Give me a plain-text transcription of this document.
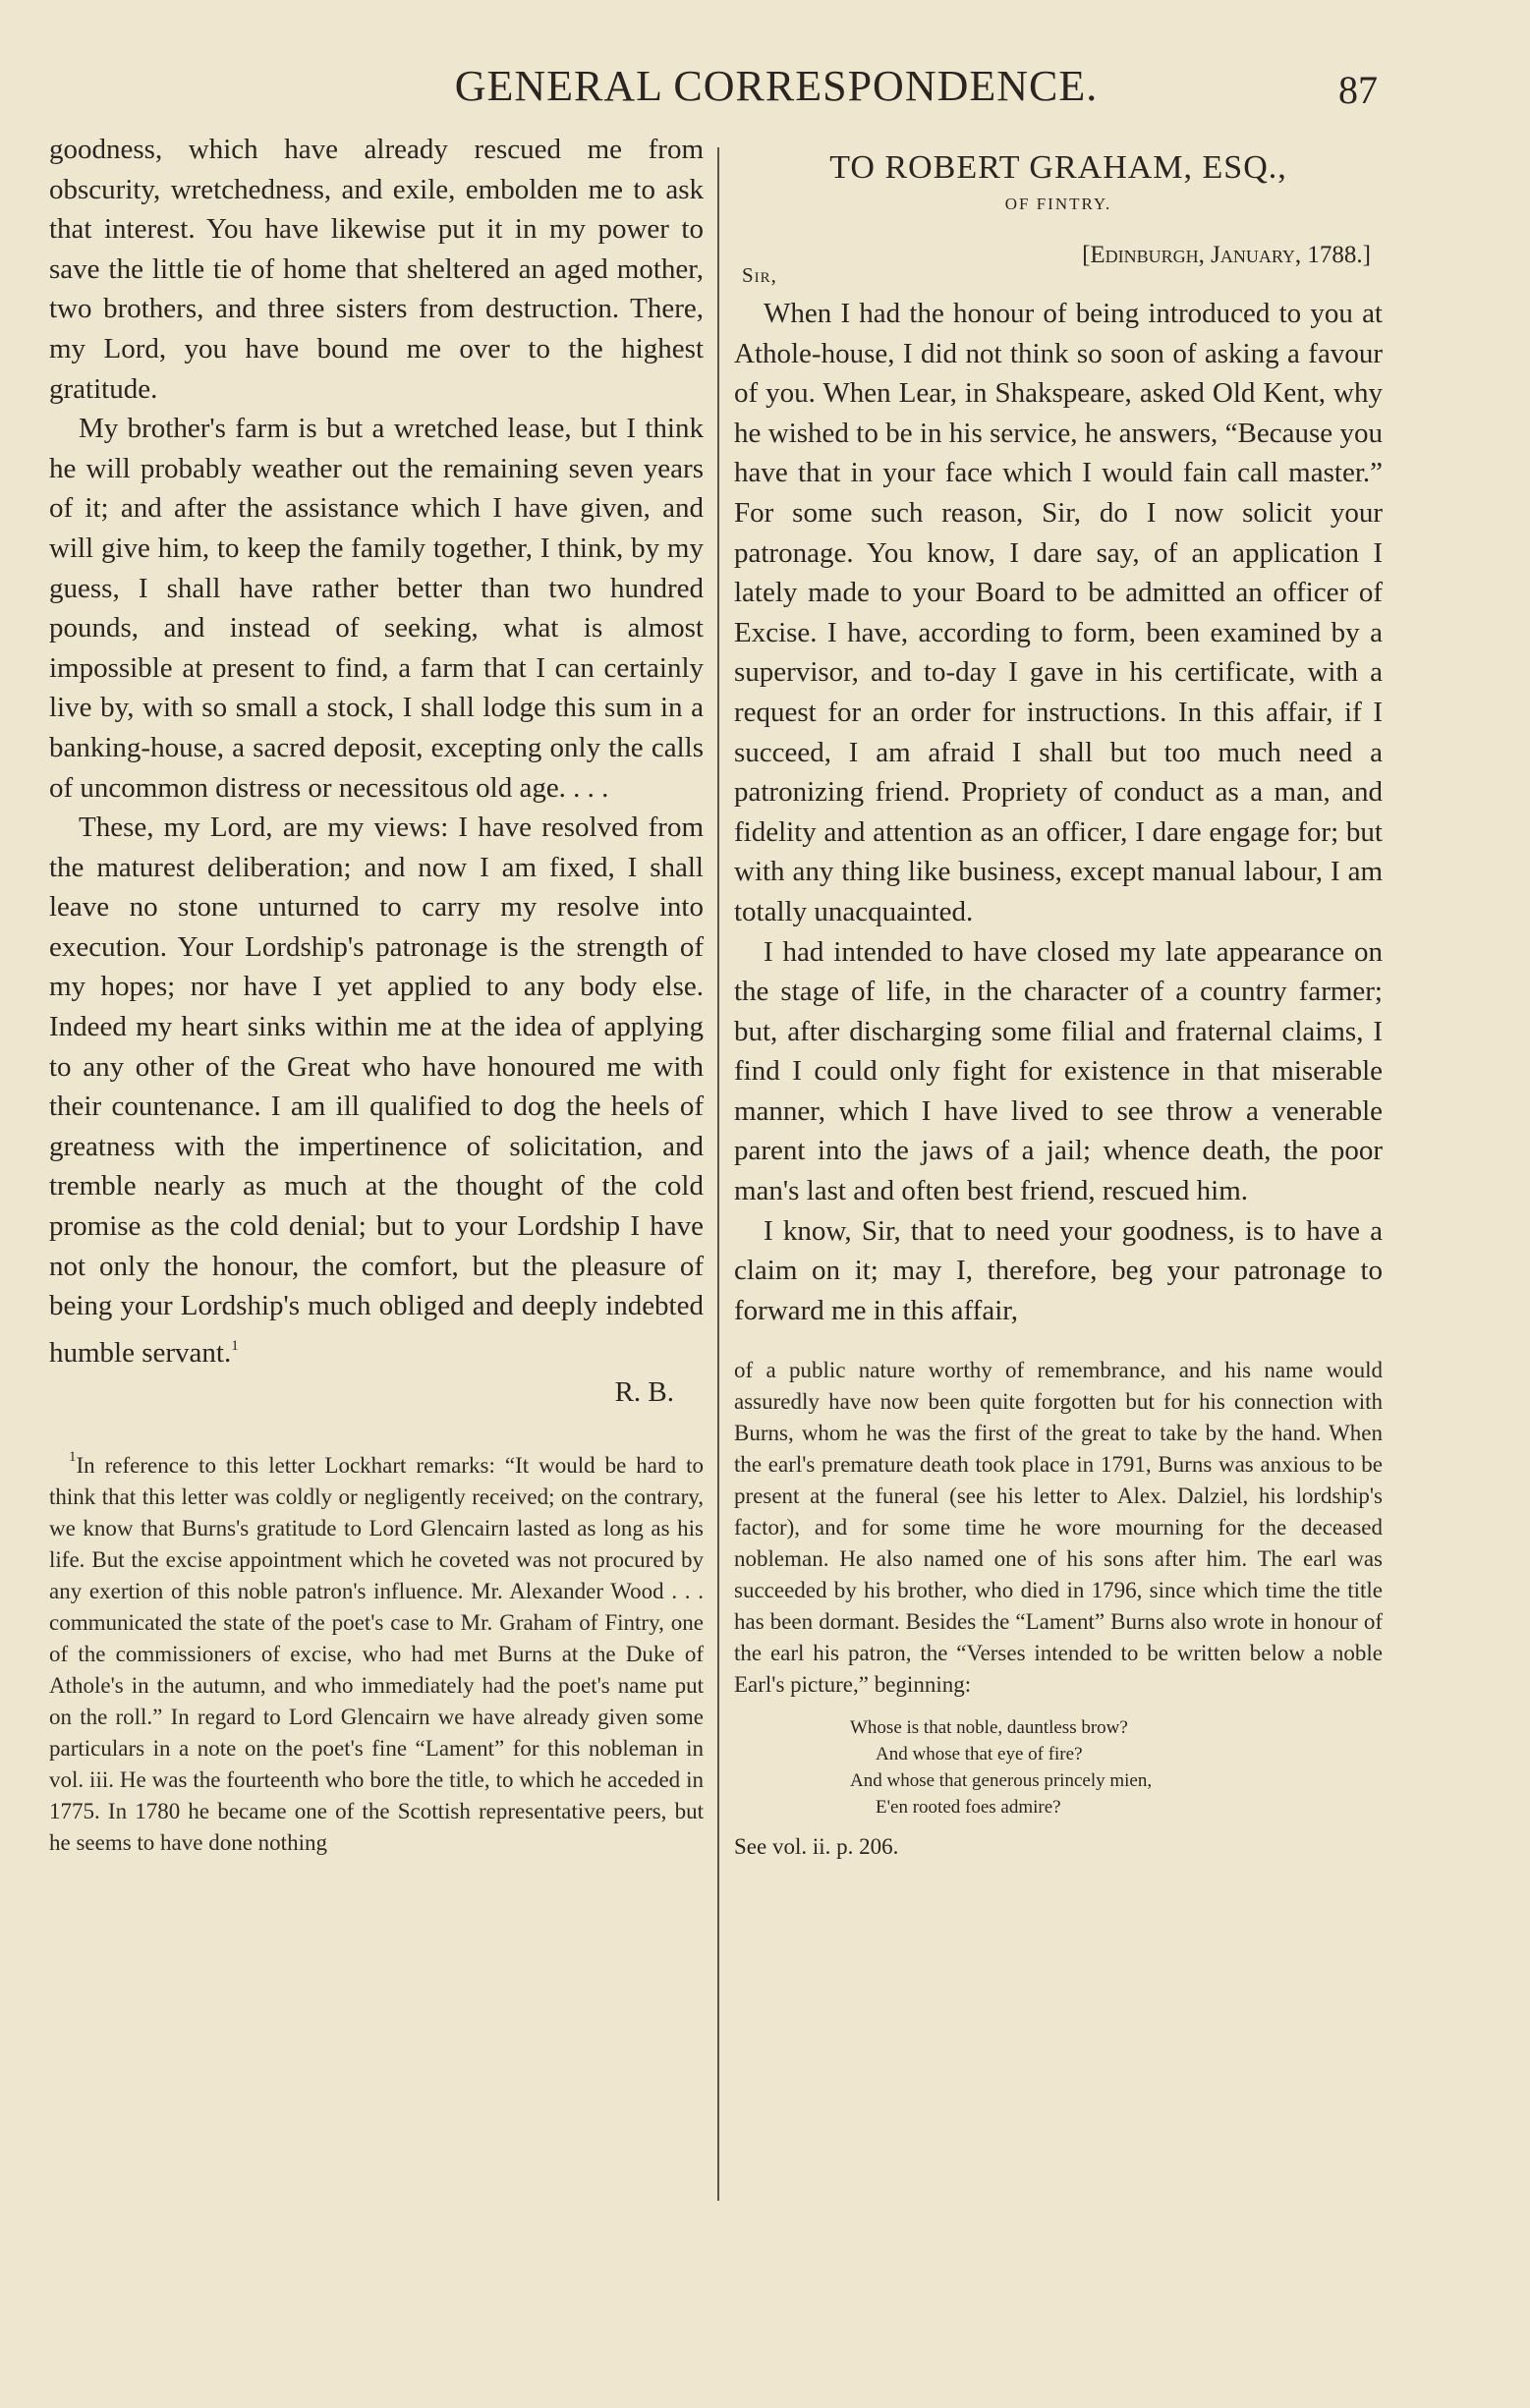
GENERAL CORRESPONDENCE.	87

goodness, which have already rescued me from obscurity, wretchedness, and exile, embolden me to ask that interest. You have likewise put it in my power to save the little tie of home that sheltered an aged mother, two brothers, and three sisters from destruction. There, my Lord, you have bound me over to the highest gratitude.

My brother's farm is but a wretched lease, but I think he will probably weather out the remaining seven years of it; and after the assistance which I have given, and will give him, to keep the family together, I think, by my guess, I shall have rather better than two hundred pounds, and instead of seeking, what is almost impossible at present to find, a farm that I can certainly live by, with so small a stock, I shall lodge this sum in a banking-house, a sacred deposit, excepting only the calls of uncommon distress or necessitous old age. . . .

These, my Lord, are my views: I have resolved from the maturest deliberation; and now I am fixed, I shall leave no stone unturned to carry my resolve into execution. Your Lordship's patronage is the strength of my hopes; nor have I yet applied to any body else. Indeed my heart sinks within me at the idea of applying to any other of the Great who have honoured me with their countenance. I am ill qualified to dog the heels of greatness with the impertinence of solicitation, and tremble nearly as much at the thought of the cold promise as the cold denial; but to your Lordship I have not only the honour, the comfort, but the pleasure of being your Lordship's much obliged and deeply indebted humble servant.$^1$

R. B.

$^1$In reference to this letter Lockhart remarks: “It would be hard to think that this letter was coldly or negligently received; on the contrary, we know that Burns's gratitude to Lord Glencairn lasted as long as his life. But the excise appointment which he coveted was not procured by any exertion of this noble patron's influence. Mr. Alexander Wood . . . communicated the state of the poet's case to Mr. Graham of Fintry, one of the commissioners of excise, who had met Burns at the Duke of Athole's in the autumn, and who immediately had the poet's name put on the roll.” In regard to Lord Glencairn we have already given some particulars in a note on the poet's fine “Lament” for this nobleman in vol. iii. He was the fourteenth who bore the title, to which he acceded in 1775. In 1780 he became one of the Scottish representative peers, but he seems to have done nothing

TO ROBERT GRAHAM, ESQ.,

OF FINTRY.

[Edinburgh, January, 1788.]

Sir,

When I had the honour of being introduced to you at Athole-house, I did not think so soon of asking a favour of you. When Lear, in Shakspeare, asked Old Kent, why he wished to be in his service, he answers, “Because you have that in your face which I would fain call master.” For some such reason, Sir, do I now solicit your patronage. You know, I dare say, of an application I lately made to your Board to be admitted an officer of Excise. I have, according to form, been examined by a supervisor, and to-day I gave in his certificate, with a request for an order for instructions. In this affair, if I succeed, I am afraid I shall but too much need a patronizing friend. Propriety of conduct as a man, and fidelity and attention as an officer, I dare engage for; but with any thing like business, except manual labour, I am totally unacquainted.

I had intended to have closed my late appearance on the stage of life, in the character of a country farmer; but, after discharging some filial and fraternal claims, I find I could only fight for existence in that miserable manner, which I have lived to see throw a venerable parent into the jaws of a jail; whence death, the poor man's last and often best friend, rescued him.

I know, Sir, that to need your goodness, is to have a claim on it; may I, therefore, beg your patronage to forward me in this affair,

of a public nature worthy of remembrance, and his name would assuredly have now been quite forgotten but for his connection with Burns, whom he was the first of the great to take by the hand. When the earl's premature death took place in 1791, Burns was anxious to be present at the funeral (see his letter to Alex. Dalziel, his lordship's factor), and for some time he wore mourning for the deceased nobleman. He also named one of his sons after him. The earl was succeeded by his brother, who died in 1796, since which time the title has been dormant. Besides the “Lament” Burns also wrote in honour of the earl his patron, the “Verses intended to be written below a noble Earl's picture,” beginning:

Whose is that noble, dauntless brow?
And whose that eye of fire?
And whose that generous princely mien,
E'en rooted foes admire?

See vol. ii. p. 206.
